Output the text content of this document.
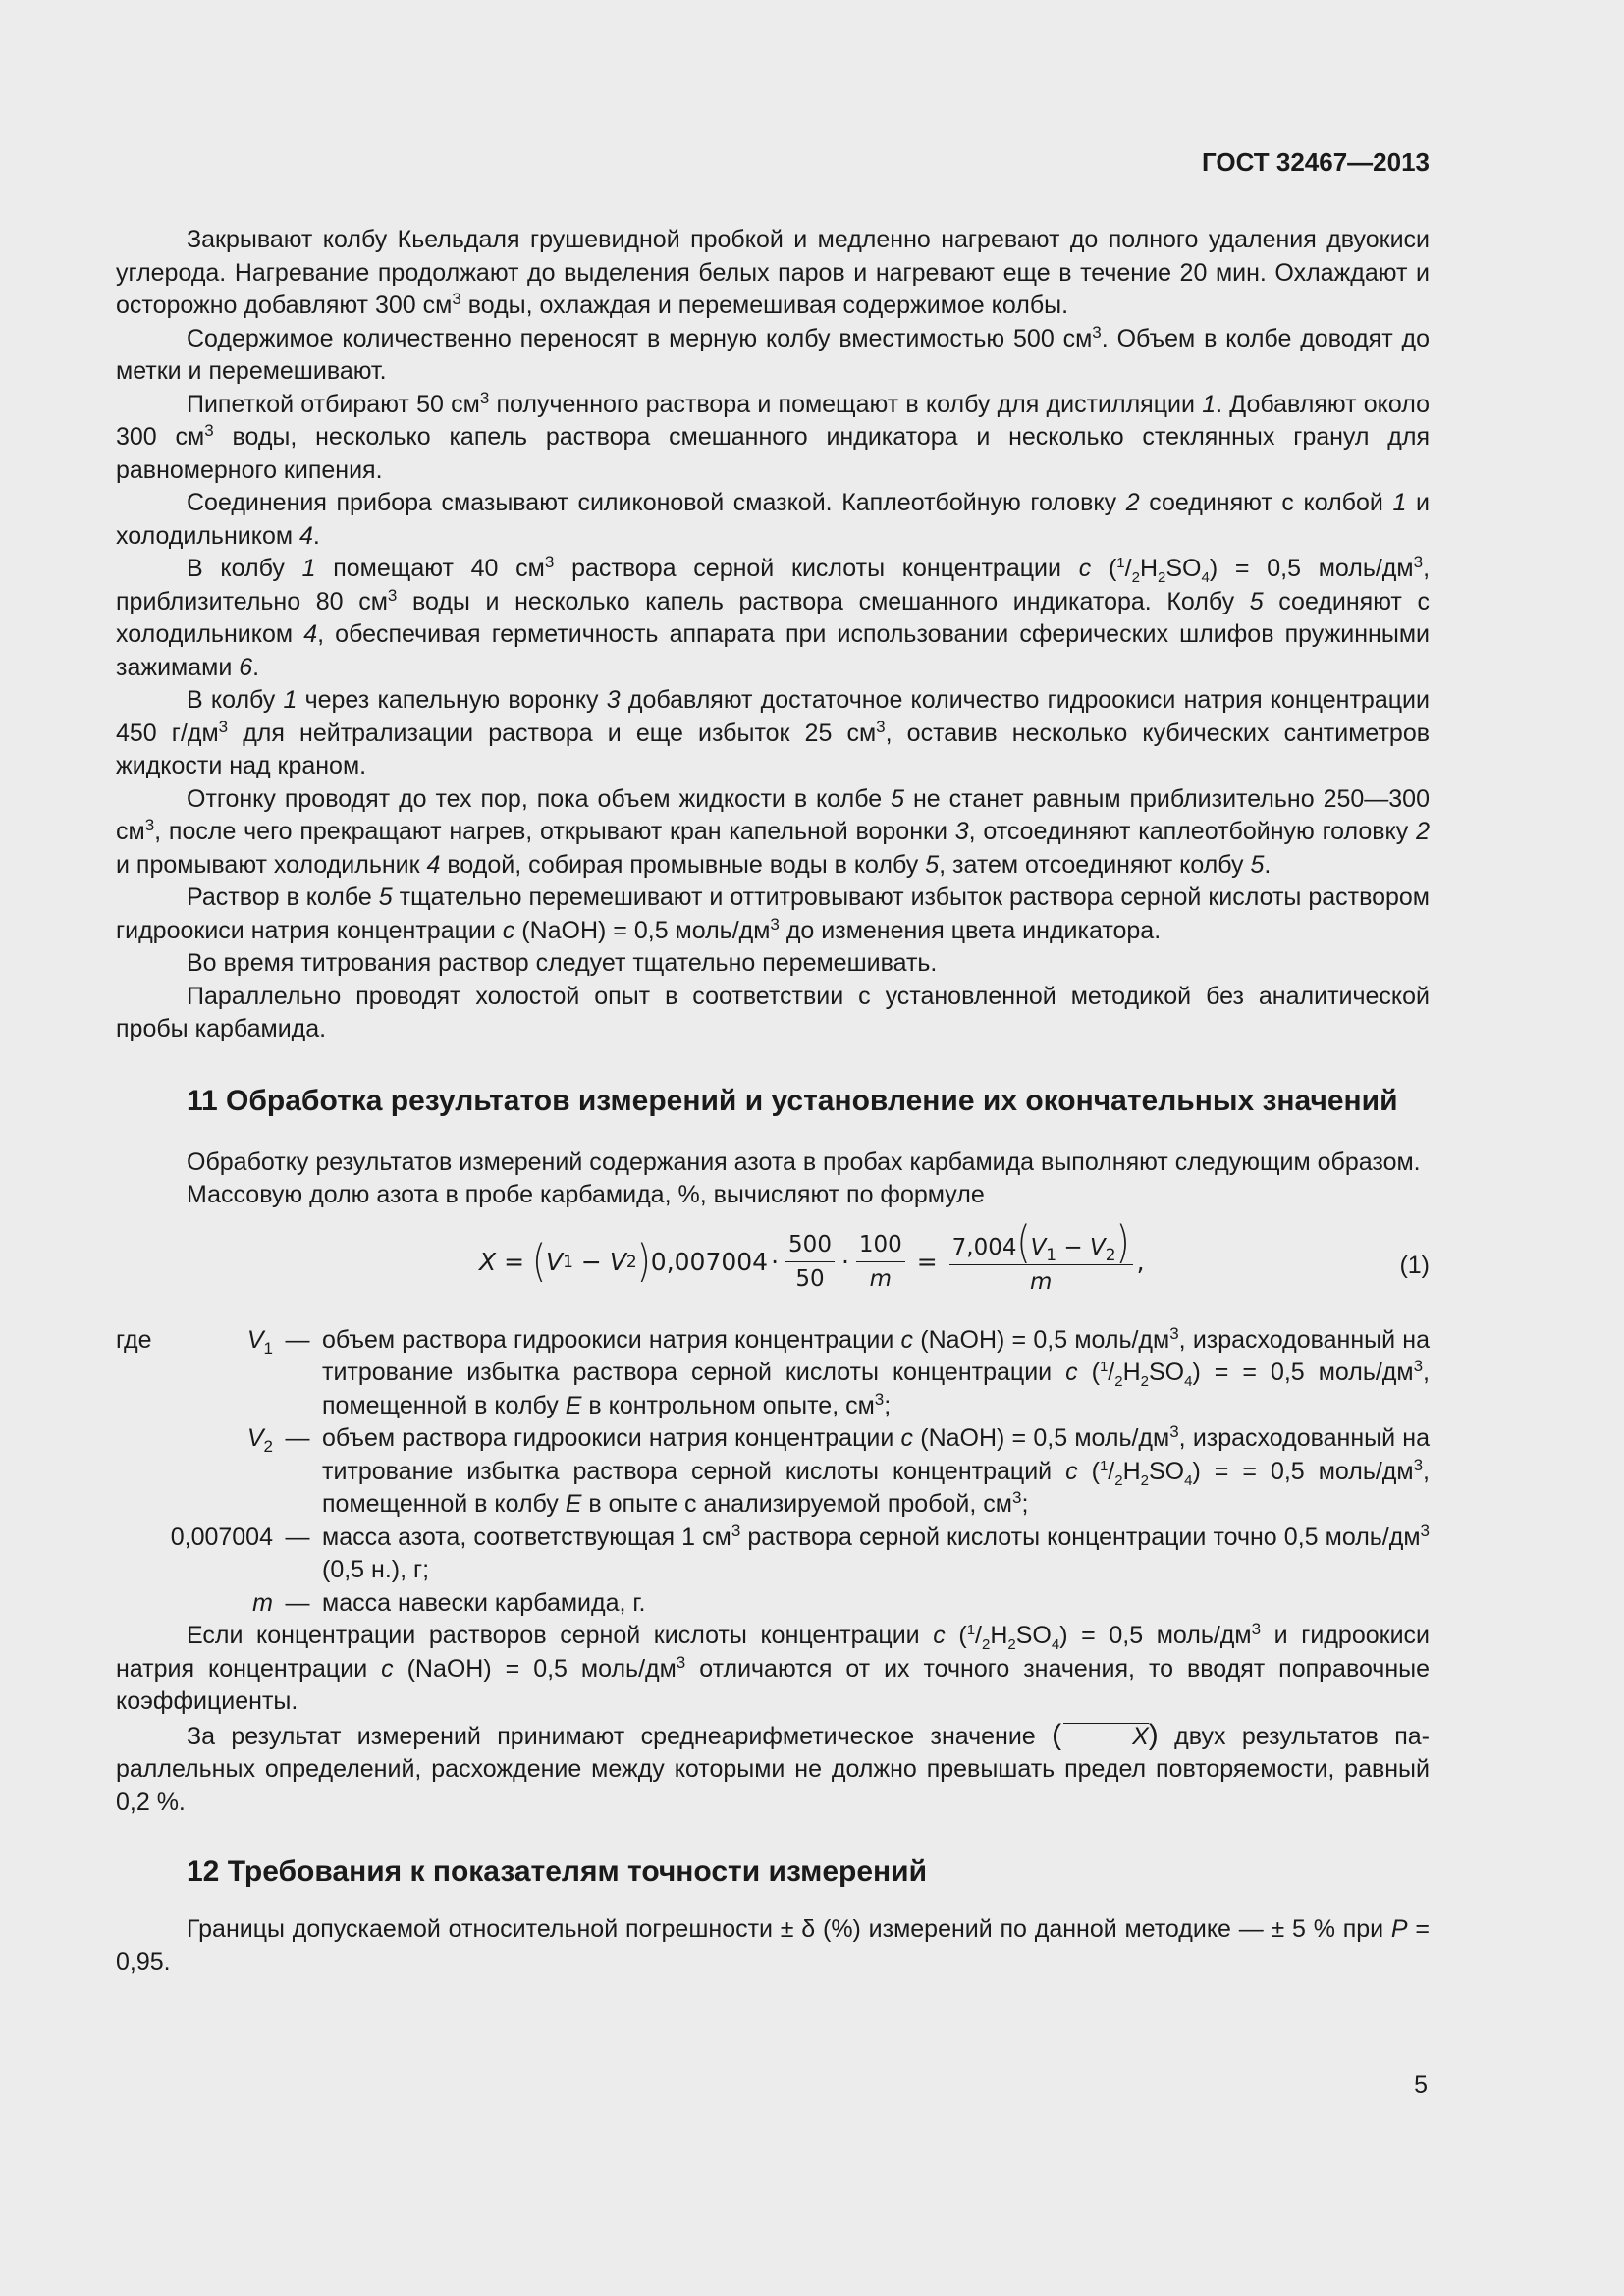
ГОСТ 32467—2013

Закрывают колбу Кьельдаля грушевидной пробкой и медленно нагревают до полного удаления двуокиси углерода. Нагревание продолжают до выделения белых паров и нагревают еще в течение 20 мин. Охлаждают и осторожно добавляют 300 $см^3$ воды, охлаждая и перемешивая содержимое колбы.

Содержимое количественно переносят в мерную колбу вместимостью 500 $см^3$. Объем в колбе доводят до метки и перемешивают.

Пипеткой отбирают 50 $см^3$ полученного раствора и помещают в колбу для дистилляции 1. Добавляют около 300 $см^3$ воды, несколько капель раствора смешанного индикатора и несколько стеклянных гранул для равномерного кипения.

Соединения прибора смазывают силиконовой смазкой. Каплеотбойную головку 2 соединяют с колбой 1 и холодильником 4.

В колбу 1 помещают 40 $см^3$ раствора серной кислоты концентрации c $(^1/_2H_2SO_4) = 0,5$ моль/$дм^3$, приблизительно 80 $см^3$ воды и несколько капель раствора смешанного индикатора. Колбу 5 соединяют с холодильником 4, обеспечивая герметичность аппарата при использовании сферических шлифов пружинными зажимами 6.

В колбу 1 через капельную воронку 3 добавляют достаточное количество гидроокиси натрия концентрации 450 $г/дм^3$ для нейтрализации раствора и еще избыток 25 $см^3$, оставив несколько кубических сантиметров жидкости над краном.

Отгонку проводят до тех пор, пока объем жидкости в колбе 5 не станет равным приблизительно 250—300 $см^3$, после чего прекращают нагрев, открывают кран капельной воронки 3, отсоединяют каплеотбойную головку 2 и промывают холодильник 4 водой, собирая промывные воды в колбу 5, затем отсоединяют колбу 5.

Раствор в колбе 5 тщательно перемешивают и оттитровывают избыток раствора серной кислоты раствором гидроокиси натрия концентрации c (NaOH) = 0,5 моль/$дм^3$ до изменения цвета индикатора.

Во время титрования раствор следует тщательно перемешивать.

Параллельно проводят холостой опыт в соответствии с установленной методикой без аналитической пробы карбамида.

11 Обработка результатов измерений и установление их окончательных значений

Обработку результатов измерений содержания азота в пробах карбамида выполняют следующим образом.

Массовую долю азота в пробе карбамида, %, вычисляют по формуле

X = ( V 1 − V 2 ) $0,007004 \cdot \frac{500}{50} \cdot \frac{100}{m} = \frac{7,004(V_1 - V_2)}{m}$ ,	(1)
где	$V_1$ — объем раствора гидроокиси натрия концентрации c (NaOH) = 0,5 моль/$дм^3$, израсходованный на титрование избытка раствора серной кислоты концентрации c $(^1/_2H_2SO_4)$ = = 0,5 моль/$дм^3$, помещенной в колбу Е в контрольном опыте, $см^3$;
$V_2$ — объем раствора гидроокиси натрия концентрации c (NaOH) = 0,5 моль/$дм^3$, израсходованный на титрование избытка раствора серной кислоты концентраций c $(^1/_2H_2SO_4)$ = = 0,5 моль/$дм^3$, помещенной в колбу Е в опыте с анализируемой пробой, $см^3$;
0,007004 — масса азота, соответствующая 1 $см^3$ раствора серной кислоты концентрации точно 0,5 моль/$дм^3$ (0,5 н.), г;
m — масса навески карбамида, г.

Если концентрации растворов серной кислоты концентрации c $(^1/_2H_2SO_4) = 0,5$ моль/$дм^3$ и гидроокиси натрия концентрации c (NaOH) = 0,5 моль/$дм^3$ отличаются от их точного значения, то вводят поправочные коэффициенты.

За результат измерений принимают среднеарифметическое значение (	X) двух результатов параллельных определений, расхождение между которыми не должно превышать предел повторяемости, равный 0,2 %.

12 Требования к показателям точности измерений

Границы допускаемой относительной погрешности ± δ (%) измерений по данной методике — ± 5 % при P = 0,95.

5
